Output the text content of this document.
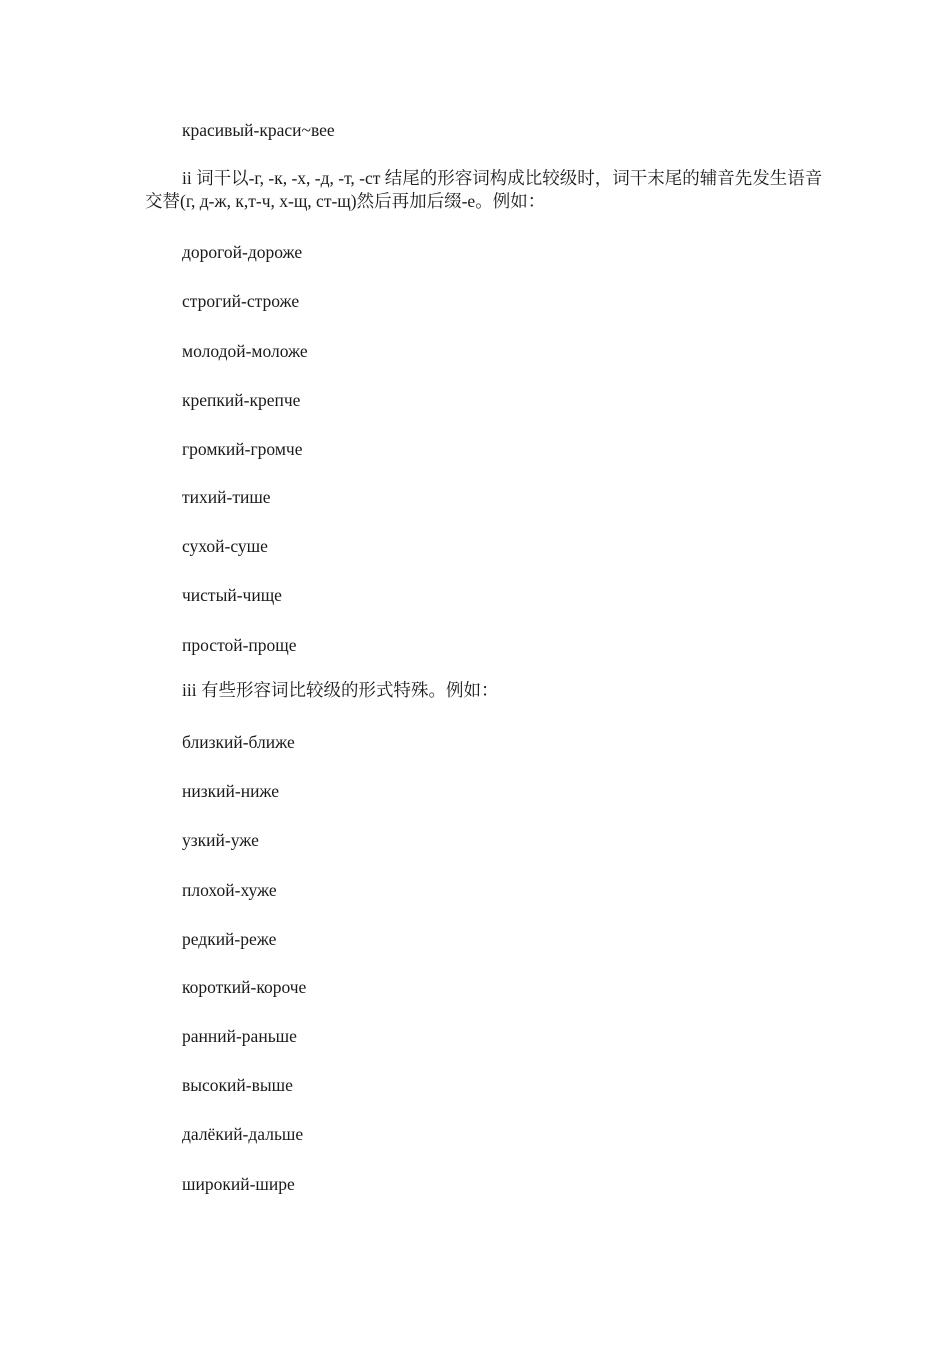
красивый-краси~вее
ii 词干以-г, -к, -х, -д, -т, -ст 结尾的形容词构成比较级时，词干末尾的辅音先发生语音交替(г, д-ж, к,т-ч, х-щ, ст-щ)然后再加后缀-е。例如：
дорогой-дороже
строгий-строже
молодой-моложе
крепкий-крепче
громкий-громче
тихий-тише
сухой-суше
чистый-чище
простой-проще
iii 有些形容词比较级的形式特殊。例如：
близкий-ближе
низкий-ниже
узкий-уже
плохой-хуже
редкий-реже
короткий-короче
ранний-раньше
высокий-выше
далёкий-дальше
широкий-шире
